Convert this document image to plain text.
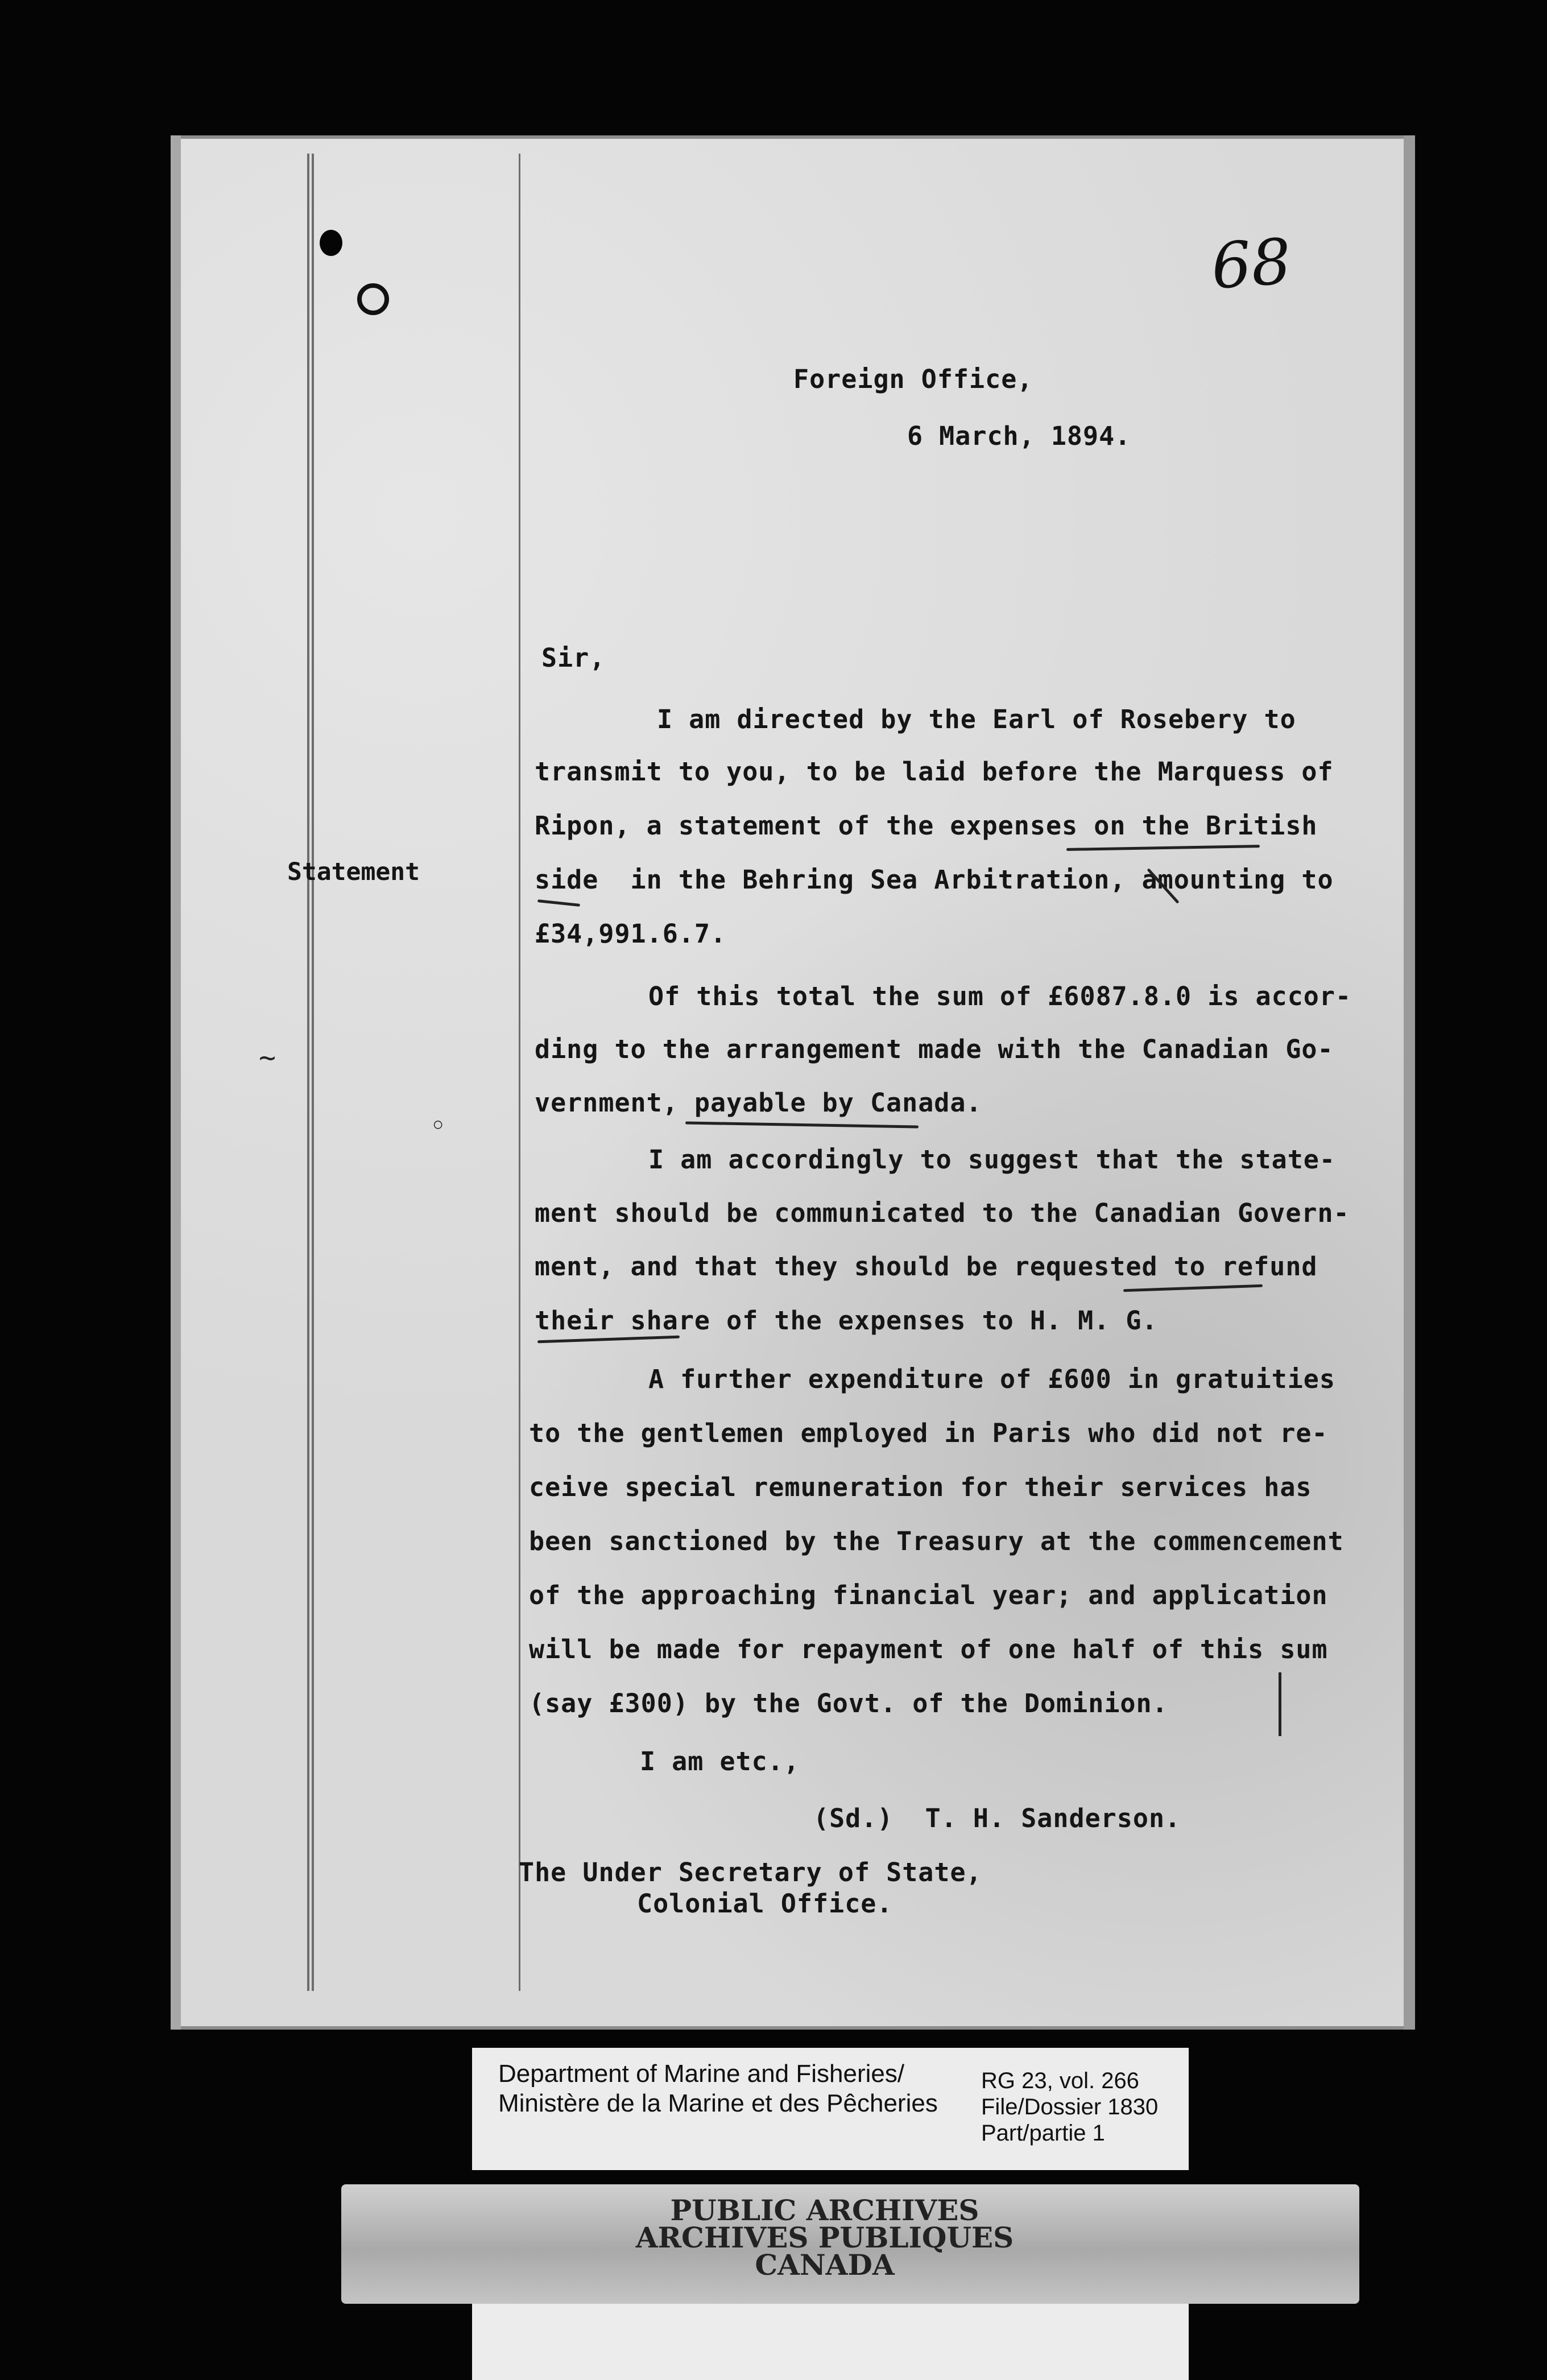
68
Foreign Office,
6 March, 1894.
Sir,
I am directed by the Earl of Rosebery to
transmit to you, to be laid before the Marquess of
Ripon, a statement of the expenses on the British
side  in the Behring Sea Arbitration, amounting to
£34,991.6.7.
Of this total the sum of £6087.8.0 is accor-
ding to the arrangement made with the Canadian Go-
vernment, payable by Canada.
I am accordingly to suggest that the state-
ment should be communicated to the Canadian Govern-
ment, and that they should be requested to refund
their share of the expenses to H. M. G.
A further expenditure of £600 in gratuities
to the gentlemen employed in Paris who did not re-
ceive special remuneration for their services has
been sanctioned by the Treasury at the commencement
of the approaching financial year; and application
will be made for repayment of one half of this sum
(say £300) by the Govt. of the Dominion.
I am etc.,
(Sd.)  T. H. Sanderson.
The Under Secretary of State,
Colonial Office.
Statement
◦
~
Department of Marine and Fisheries/
Ministère de la Marine et des Pêcheries
RG 23, vol. 266
File/Dossier 1830
Part/partie 1
PUBLIC ARCHIVES
ARCHIVES PUBLIQUES
CANADA
